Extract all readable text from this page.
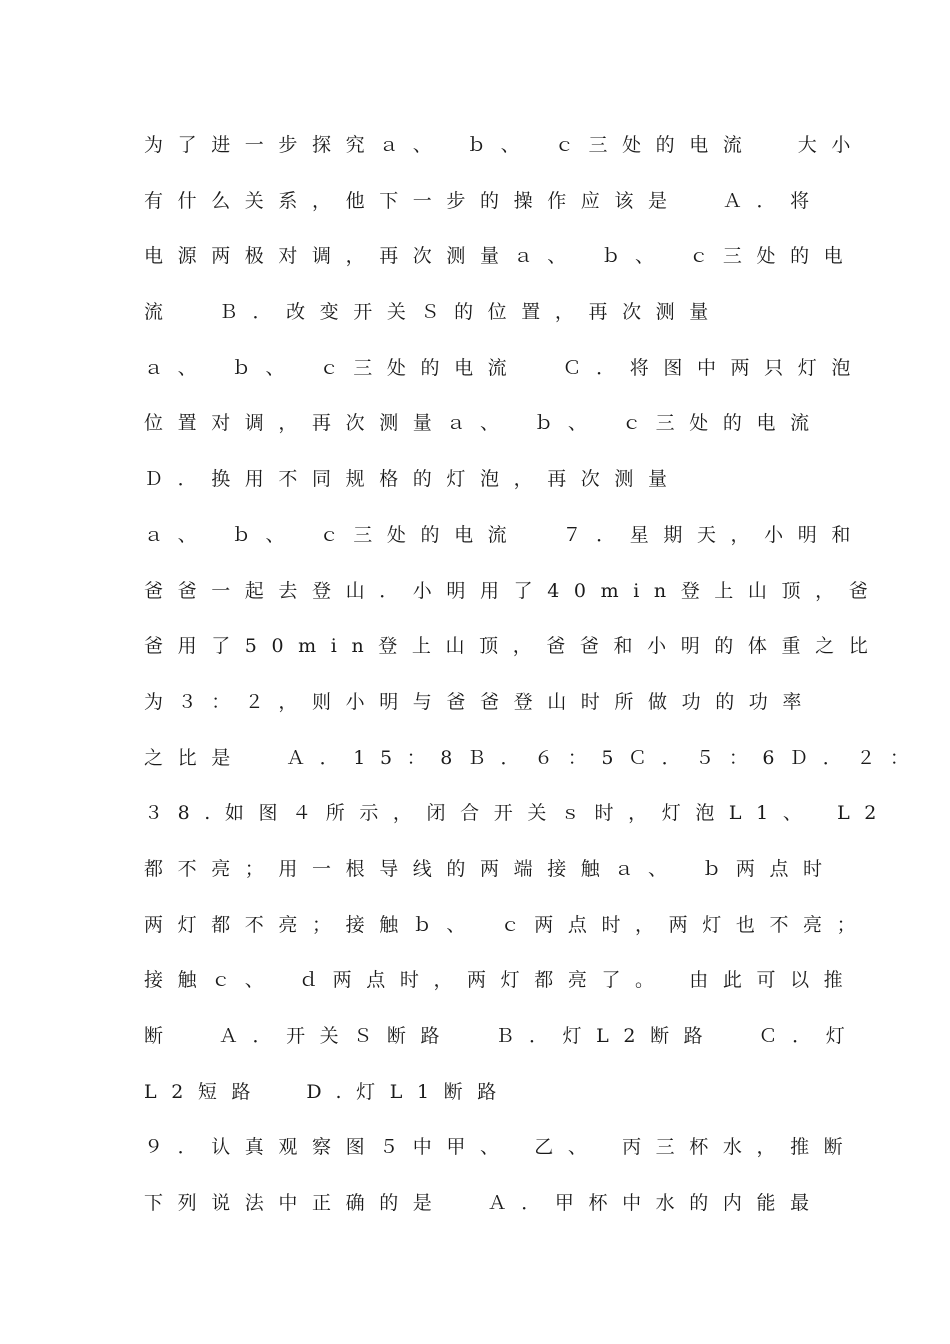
为了进一步探究ａ、 ｂ、 ｃ三处的电流  大小
有什么关系，他下一步的操作应该是  Ａ．将
电源两极对调，再次测量ａ、 ｂ、 ｃ三处的电
流  Ｂ．改变开关Ｓ的位置，再次测量
ａ、 ｂ、 ｃ三处的电流  Ｃ．将图中两只灯泡
位置对调，再次测量ａ、 ｂ、 ｃ三处的电流
Ｄ．换用不同规格的灯泡，再次测量
ａ、 ｂ、 ｃ三处的电流  ７．星期天，小明和
爸爸一起去登山．小明用了40min登上山顶，爸
爸用了50min登上山顶，爸爸和小明的体重之比
为３：２，则小明与爸爸登山时所做功的功率
之比是  Ａ．15：8Ｂ．６：5Ｃ．５：6Ｄ．２：
３8.如图４所示，闭合开关ｓ时，灯泡L1、 L2
都不亮；用一根导线的两端接触ａ、 ｂ两点时
两灯都不亮；接触ｂ、 ｃ两点时，两灯也不亮；
接触ｃ、 ｄ两点时，两灯都亮了。 由此可以推
断  Ａ．开关Ｓ断路  Ｂ．灯L2断路  Ｃ．灯
L2短路  D.灯L1断路
９．认真观察图５中甲、 乙、 丙三杯水，推断
下列说法中正确的是  Ａ．甲杯中水的内能最
